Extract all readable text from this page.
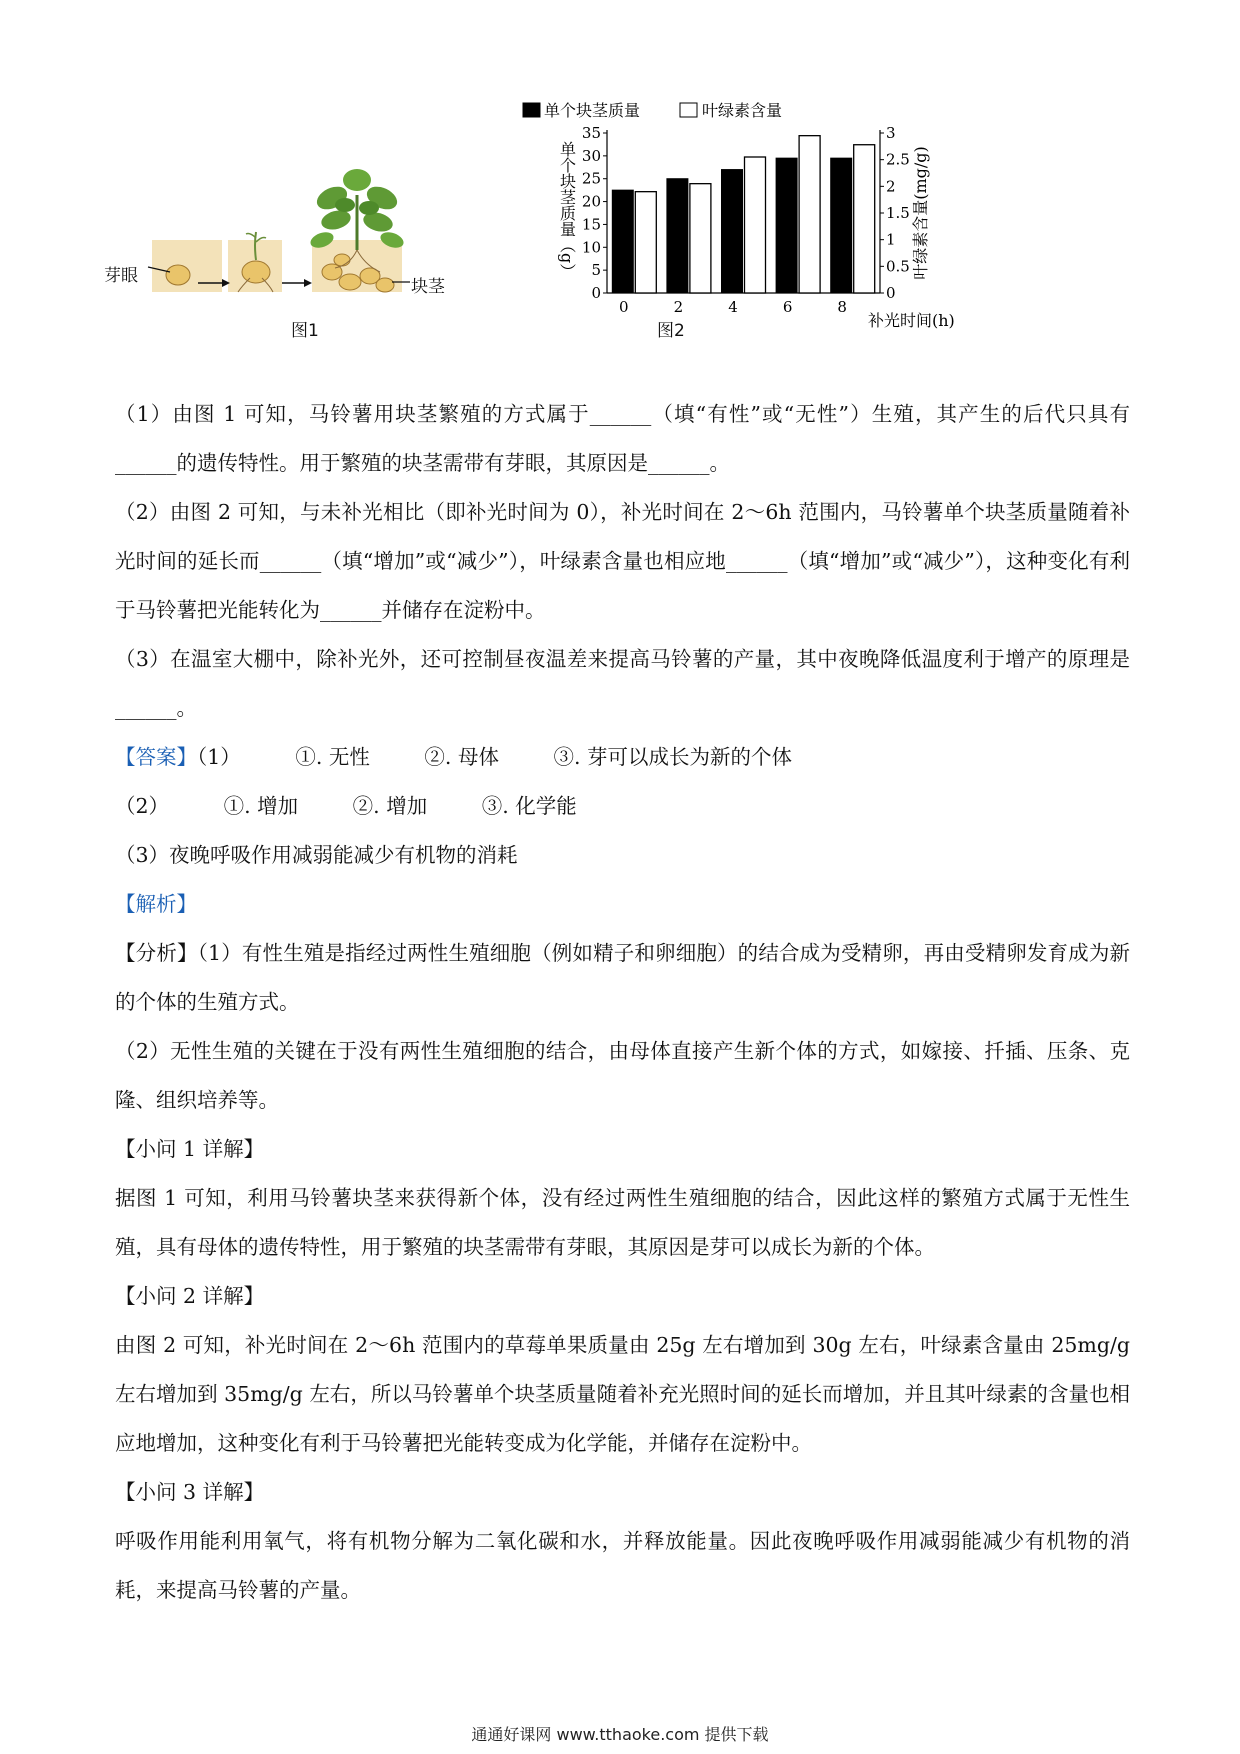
芽眼
块茎
图1	图2
单个块茎质量	叶绿素含量
0
5
10
15
20
25
30
35
0
0.5
1
1.5
2
2.5
3
0	2	4	6	8
单个块茎质量（g）	叶绿素含量(mg/g)
补光时间(h)

（1）由图 1 可知，马铃薯用块茎繁殖的方式属于______（填“有性”或“无性”）生殖，其产生的后代只具有______的遗传特性。用于繁殖的块茎需带有芽眼，其原因是______。

（2）由图 2 可知，与未补光相比（即补光时间为 0），补光时间在 2～6h 范围内，马铃薯单个块茎质量随着补光时间的延长而______（填“增加”或“减少”），叶绿素含量也相应地______（填“增加”或“减少”），这种变化有利于马铃薯把光能转化为______并储存在淀粉中。

（3）在温室大棚中，除补光外，还可控制昼夜温差来提高马铃薯的产量，其中夜晚降低温度利于增产的原理是______。

【答案】（1）	①. 无性	②. 母体	③. 芽可以成长为新的个体

（2）	①. 增加	②. 增加	③. 化学能

（3）夜晚呼吸作用减弱能减少有机物的消耗

【解析】

【分析】（1）有性生殖是指经过两性生殖细胞（例如精子和卵细胞）的结合成为受精卵，再由受精卵发育成为新的个体的生殖方式。

（2）无性生殖的关键在于没有两性生殖细胞的结合，由母体直接产生新个体的方式，如嫁接、扦插、压条、克隆、组织培养等。

【小问 1 详解】

据图 1 可知，利用马铃薯块茎来获得新个体，没有经过两性生殖细胞的结合，因此这样的繁殖方式属于无性生殖，具有母体的遗传特性，用于繁殖的块茎需带有芽眼，其原因是芽可以成长为新的个体。

【小问 2 详解】

由图 2 可知，补光时间在 2～6h 范围内的草莓单果质量由 25g 左右增加到 30g 左右，叶绿素含量由 25mg/g 左右增加到 35mg/g 左右，所以马铃薯单个块茎质量随着补充光照时间的延长而增加，并且其叶绿素的含量也相应地增加，这种变化有利于马铃薯把光能转变成为化学能，并储存在淀粉中。

【小问 3 详解】

呼吸作用能利用氧气，将有机物分解为二氧化碳和水，并释放能量。因此夜晚呼吸作用减弱能减少有机物的消耗，来提高马铃薯的产量。

通通好课网 www.tthaoke.com 提供下载
